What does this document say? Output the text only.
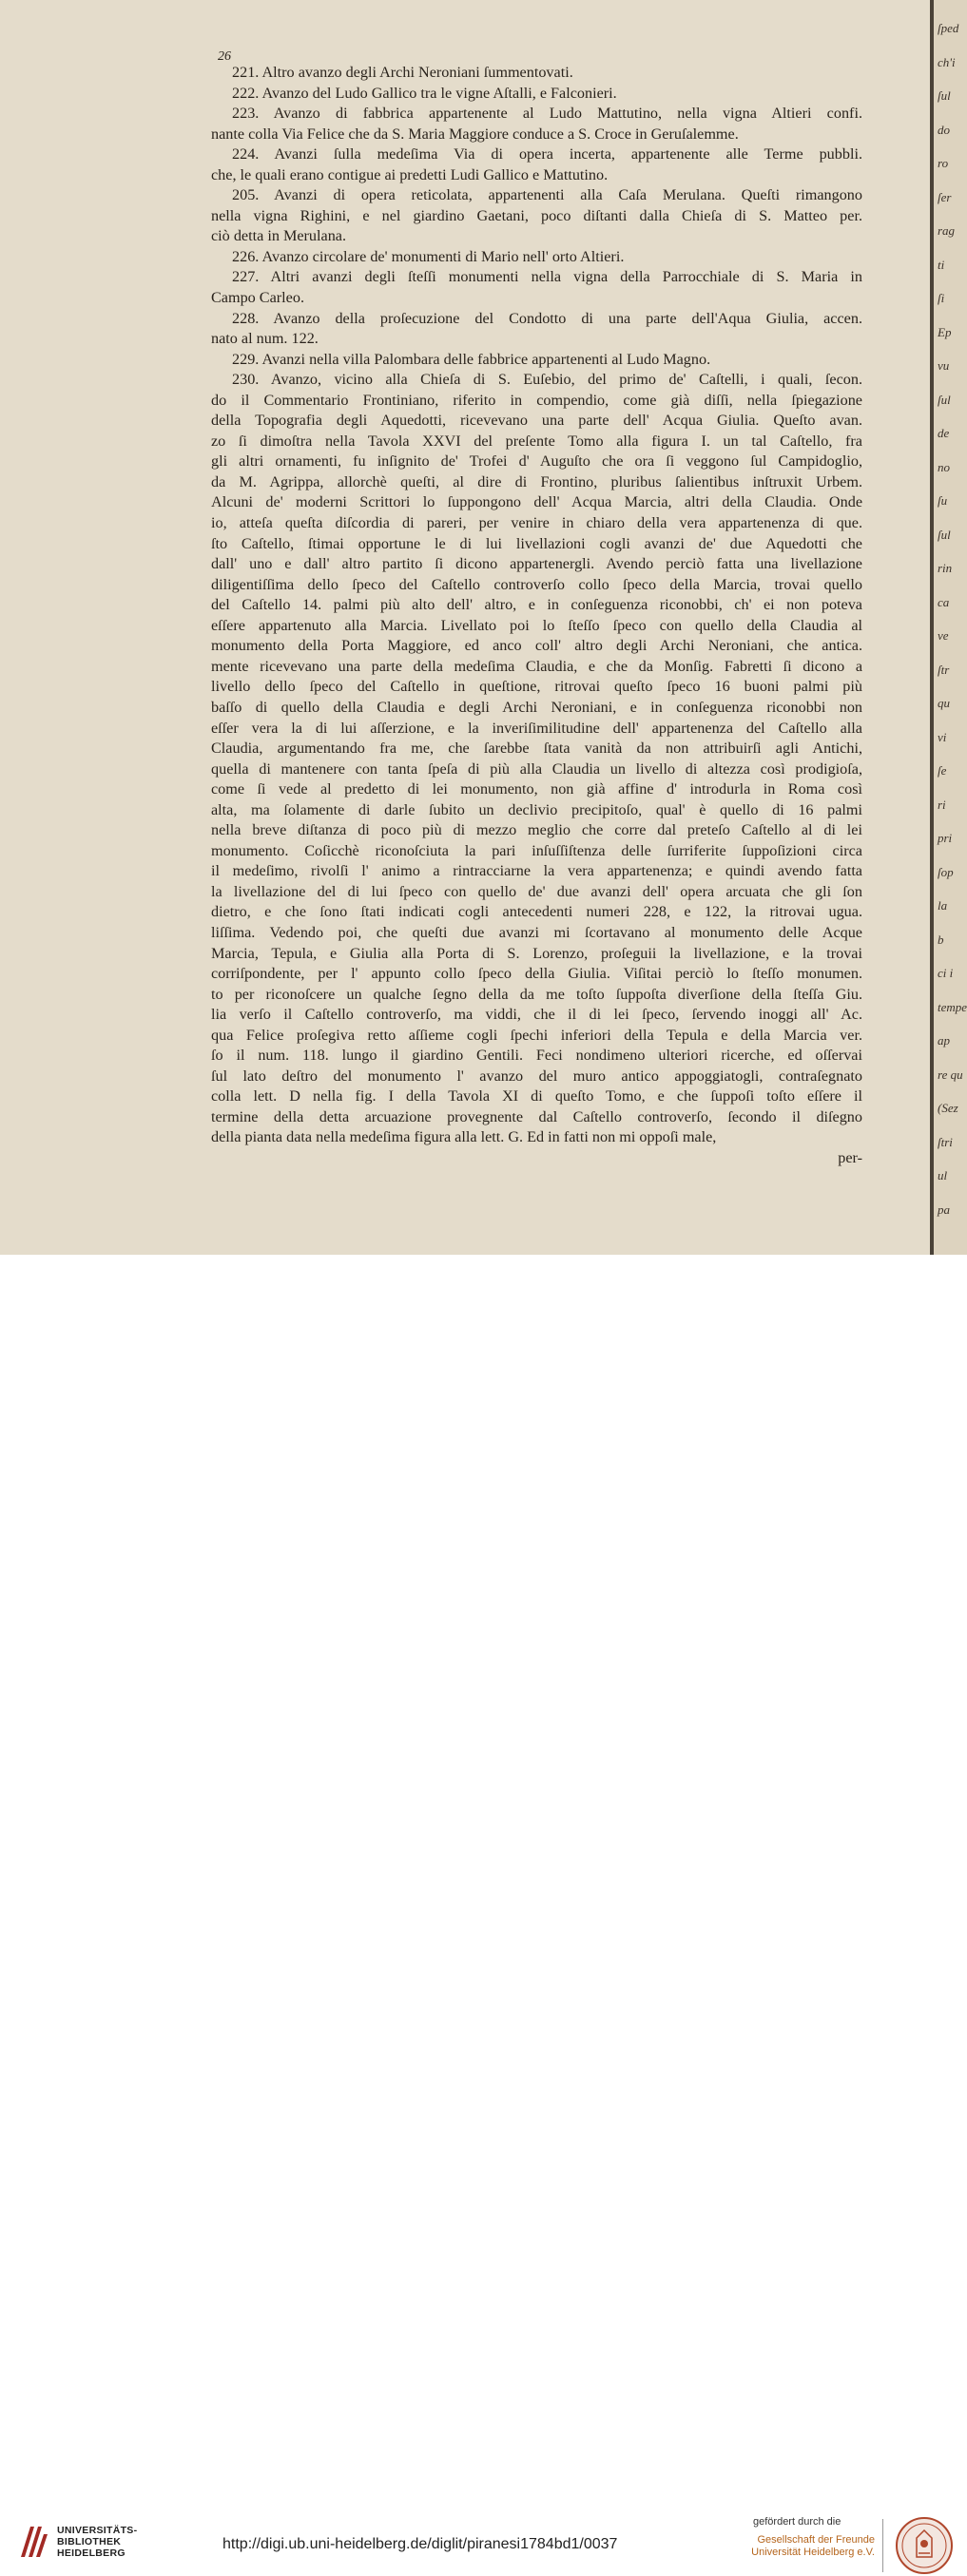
26
221. Altro avanzo degli Archi Neroniani ſummentovati.
222. Avanzo del Ludo Gallico tra le vigne Aſtalli, e Falconieri.
223. Avanzo di fabbrica appartenente al Ludo Mattutino, nella vigna Altieri confi.
nante colla Via Felice che da S. Maria Maggiore conduce a S. Croce in Geruſalemme.
224. Avanzi ſulla medeſima Via di opera incerta, appartenente alle Terme pubbli.
che, le quali erano contigue ai predetti Ludi Gallico e Mattutino.
205. Avanzi di opera reticolata, appartenenti alla Caſa Merulana. Queſti rimangono
nella vigna Righini, e nel giardino Gaetani, poco diſtanti dalla Chieſa di S. Matteo per.
ciò detta in Merulana.
226. Avanzo circolare de' monumenti di Mario nell' orto Altieri.
227. Altri avanzi degli ſteſſi monumenti nella vigna della Parrocchiale di S. Maria in
Campo Carleo.
228. Avanzo della proſecuzione del Condotto di una parte dell'Aqua Giulia, accen.
nato al num. 122.
229. Avanzi nella villa Palombara delle fabbrice appartenenti al Ludo Magno.
230. Avanzo, vicino alla Chieſa di S. Euſebio, del primo de' Caſtelli, i quali, ſecon.
do il Commentario Frontiniano, riferito in compendio, come già diſſi, nella ſpiegazione
della Topografia degli Aquedotti, ricevevano una parte dell' Acqua Giulia. Queſto avan.
zo ſi dimoſtra nella Tavola XXVI del preſente Tomo alla figura I. un tal Caſtello, fra
gli altri ornamenti, fu inſignito de' Trofei d' Auguſto che ora ſi veggono ſul Campidoglio,
da M. Agrippa, allorchè queſti, al dire di Frontino, pluribus ſalientibus inſtruxit Urbem.
Alcuni de' moderni Scrittori lo ſuppongono dell' Acqua Marcia, altri della Claudia. Onde
io, atteſa queſta diſcordia di pareri, per venire in chiaro della vera appartenenza di que.
ſto Caſtello, ſtimai opportune le di lui livellazioni cogli avanzi de' due Aquedotti che
dall' uno e dall' altro partito ſi dicono appartenergli. Avendo perciò fatta una livellazione
diligentiſſima dello ſpeco del Caſtello controverſo collo ſpeco della Marcia, trovai quello
del Caſtello 14. palmi più alto dell' altro, e in conſeguenza riconobbi, ch' ei non poteva
eſſere appartenuto alla Marcia. Livellato poi lo ſteſſo ſpeco con quello della Claudia al
monumento della Porta Maggiore, ed anco coll' altro degli Archi Neroniani, che antica.
mente ricevevano una parte della medeſima Claudia, e che da Monſig. Fabretti ſi dicono a
livello dello ſpeco del Caſtello in queſtione, ritrovai queſto ſpeco 16 buoni palmi più
baſſo di quello della Claudia e degli Archi Neroniani, e in conſeguenza riconobbi non
eſſer vera la di lui aſſerzione, e la inveriſimilitudine dell' appartenenza del Caſtello alla
Claudia, argumentando fra me, che ſarebbe ſtata vanità da non attribuirſi agli Antichi,
quella di mantenere con tanta ſpeſa di più alla Claudia un livello di altezza così prodigioſa,
come ſi vede al predetto di lei monumento, non già affine d' introdurla in Roma così
alta, ma ſolamente di darle ſubito un declivio precipitoſo, qual' è quello di 16 palmi
nella breve diſtanza di poco più di mezzo meglio che corre dal preteſo Caſtello al di lei
monumento. Coſicchè riconoſciuta la pari inſuſſiſtenza delle ſurriferite ſuppoſizioni circa
il medeſimo, rivolſi l' animo a rintracciarne la vera appartenenza; e quindi avendo fatta
la livellazione del di lui ſpeco con quello de' due avanzi dell' opera arcuata che gli ſon
dietro, e che ſono ſtati indicati cogli antecedenti numeri 228, e 122, la ritrovai ugua.
liſſima. Vedendo poi, che queſti due avanzi mi ſcortavano al monumento delle Acque
Marcia, Tepula, e Giulia alla Porta di S. Lorenzo, proſeguii la livellazione, e la trovai
corriſpondente, per l' appunto collo ſpeco della Giulia. Viſitai perciò lo ſteſſo monumen.
to per riconoſcere un qualche ſegno della da me toſto ſuppoſta diverſione della ſteſſa Giu.
lia verſo il Caſtello controverſo, ma viddi, che il di lei ſpeco, ſervendo inoggi all' Ac.
qua Felice proſegiva retto aſſieme cogli ſpechi inferiori della Tepula e della Marcia ver.
ſo il num. 118. lungo il giardino Gentili. Feci nondimeno ulteriori ricerche, ed oſſervai
ſul lato deſtro del monumento l' avanzo del muro antico appoggiatogli, contraſegnato
colla lett. D nella fig. I della Tavola XI di queſto Tomo, e che ſuppoſi toſto eſſere il
termine della detta arcuazione provegnente dal Caſtello controverſo, ſecondo il diſegno
della pianta data nella medeſima figura alla lett. G. Ed in fatti non mi oppoſi male,
per-
ſped
ch'i
ſul
do
ro
ſer
rag
ti
ſi
Ep
vu
ſul
de
no
ſu
ſul
rin
ca
ve
ſtr
qu
vi
ſe
ri
pri
ſop
la
b
ci i
tempe
ap
re qu
(Sez
ſtri
ul
pa
UNIVERSITÄTS-
BIBLIOTHEK
HEIDELBERG
http://digi.ub.uni-heidelberg.de/diglit/piranesi1784bd1/0037
gefördert durch die
Gesellschaft der Freunde
Universität Heidelberg e.V.
